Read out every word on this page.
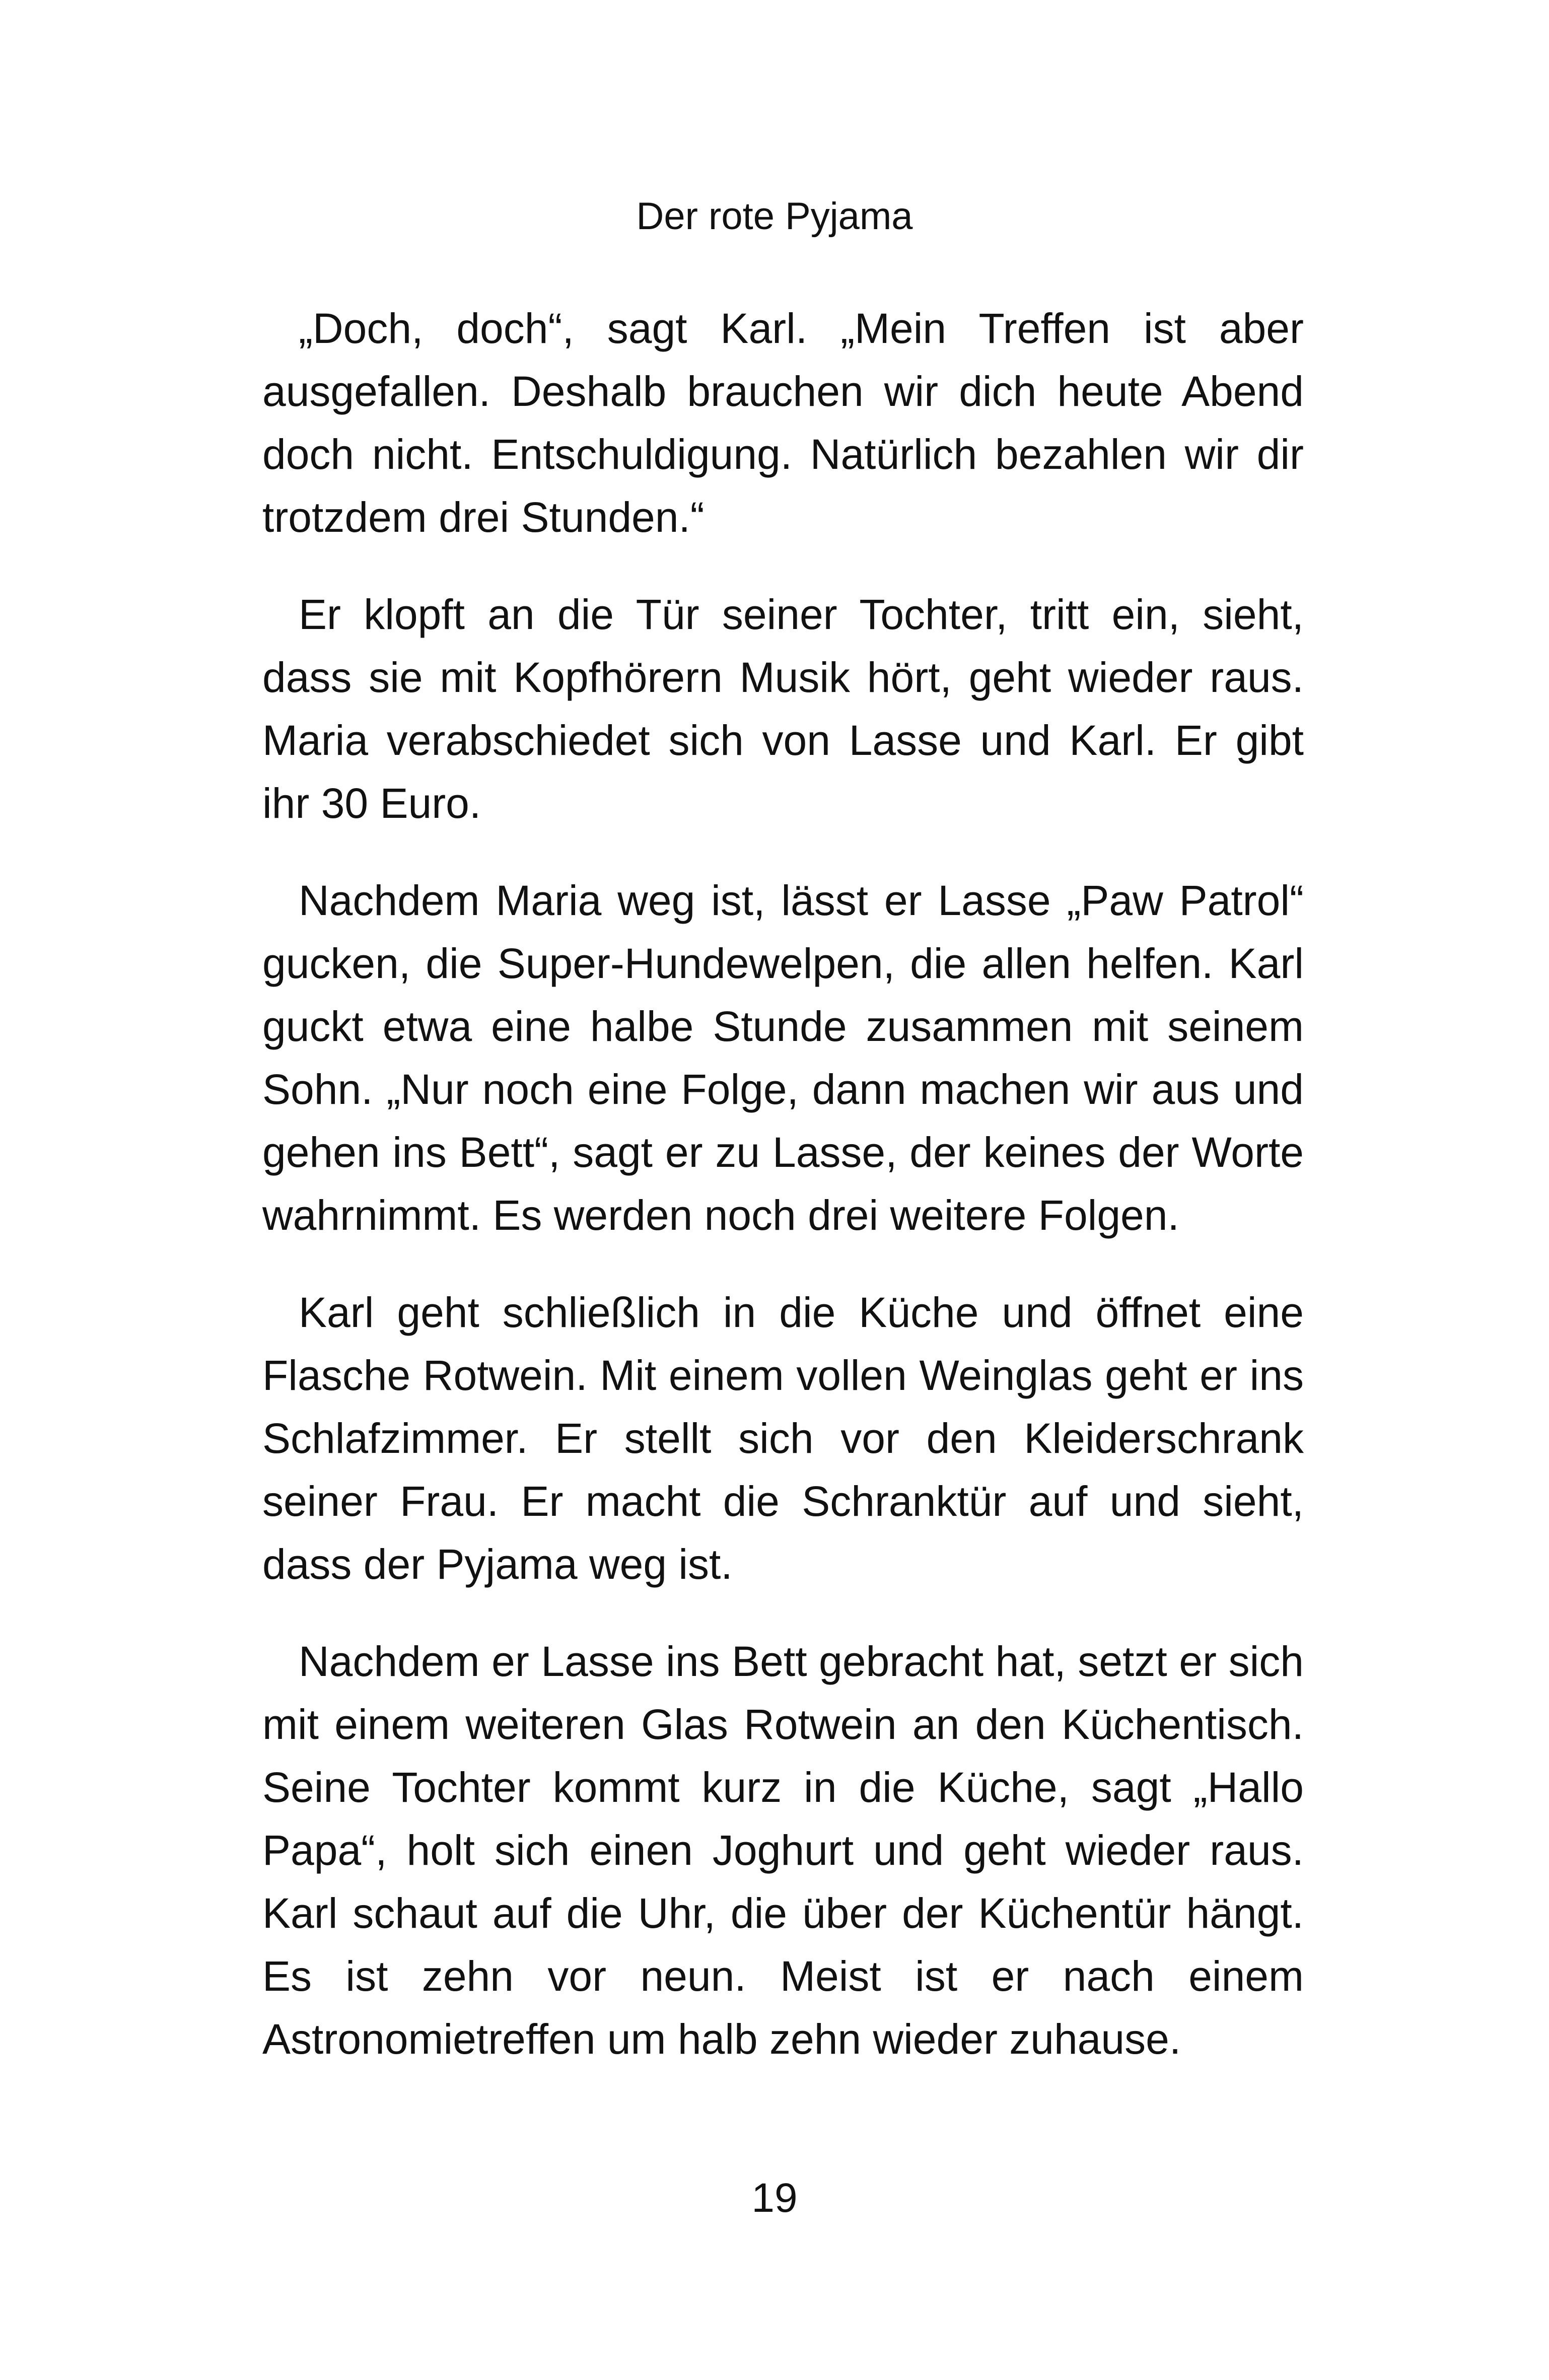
Der rote Pyjama

„Doch, doch“, sagt Karl. „Mein Treffen ist aber ausgefallen. Deshalb brauchen wir dich heute Abend doch nicht. Entschuldigung. Natürlich bezahlen wir dir trotzdem drei Stunden.“

Er klopft an die Tür seiner Tochter, tritt ein, sieht, dass sie mit Kopfhörern Musik hört, geht wieder raus. Maria verabschiedet sich von Lasse und Karl. Er gibt ihr 30 Euro.

Nachdem Maria weg ist, lässt er Lasse „Paw Patrol“ gucken, die Super-Hundewelpen, die allen helfen. Karl guckt etwa eine halbe Stunde zusammen mit seinem Sohn. „Nur noch eine Folge, dann machen wir aus und gehen ins Bett“, sagt er zu Lasse, der keines der Worte wahrnimmt. Es werden noch drei weitere Folgen.

Karl geht schließlich in die Küche und öffnet eine Flasche Rotwein. Mit einem vollen Weinglas geht er ins Schlafzimmer. Er stellt sich vor den Kleiderschrank seiner Frau. Er macht die Schranktür auf und sieht, dass der Pyjama weg ist.

Nachdem er Lasse ins Bett gebracht hat, setzt er sich mit einem weiteren Glas Rotwein an den Küchentisch. Seine Tochter kommt kurz in die Küche, sagt „Hallo Papa“, holt sich einen Joghurt und geht wieder raus. Karl schaut auf die Uhr, die über der Küchentür hängt. Es ist zehn vor neun. Meist ist er nach einem Astronomietreffen um halb zehn wieder zuhause.

19
